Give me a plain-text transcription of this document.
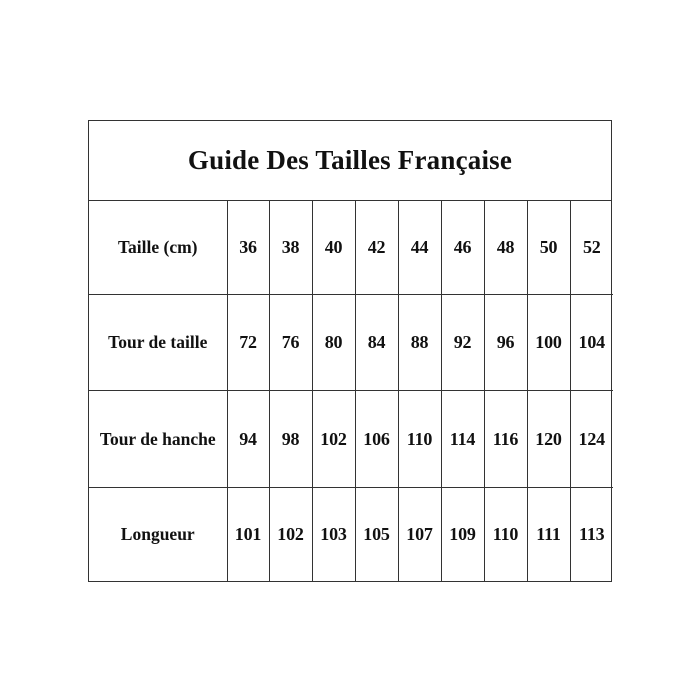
Guide Des Tailles Française
Taille (cm)	36	38	40	42	44	46	48	50	52
Tour de taille	72	76	80	84	88	92	96	100	104
Tour de hanche	94	98	102	106	110	114	116	120	124
Longueur	101	102	103	105	107	109	110	111	113
